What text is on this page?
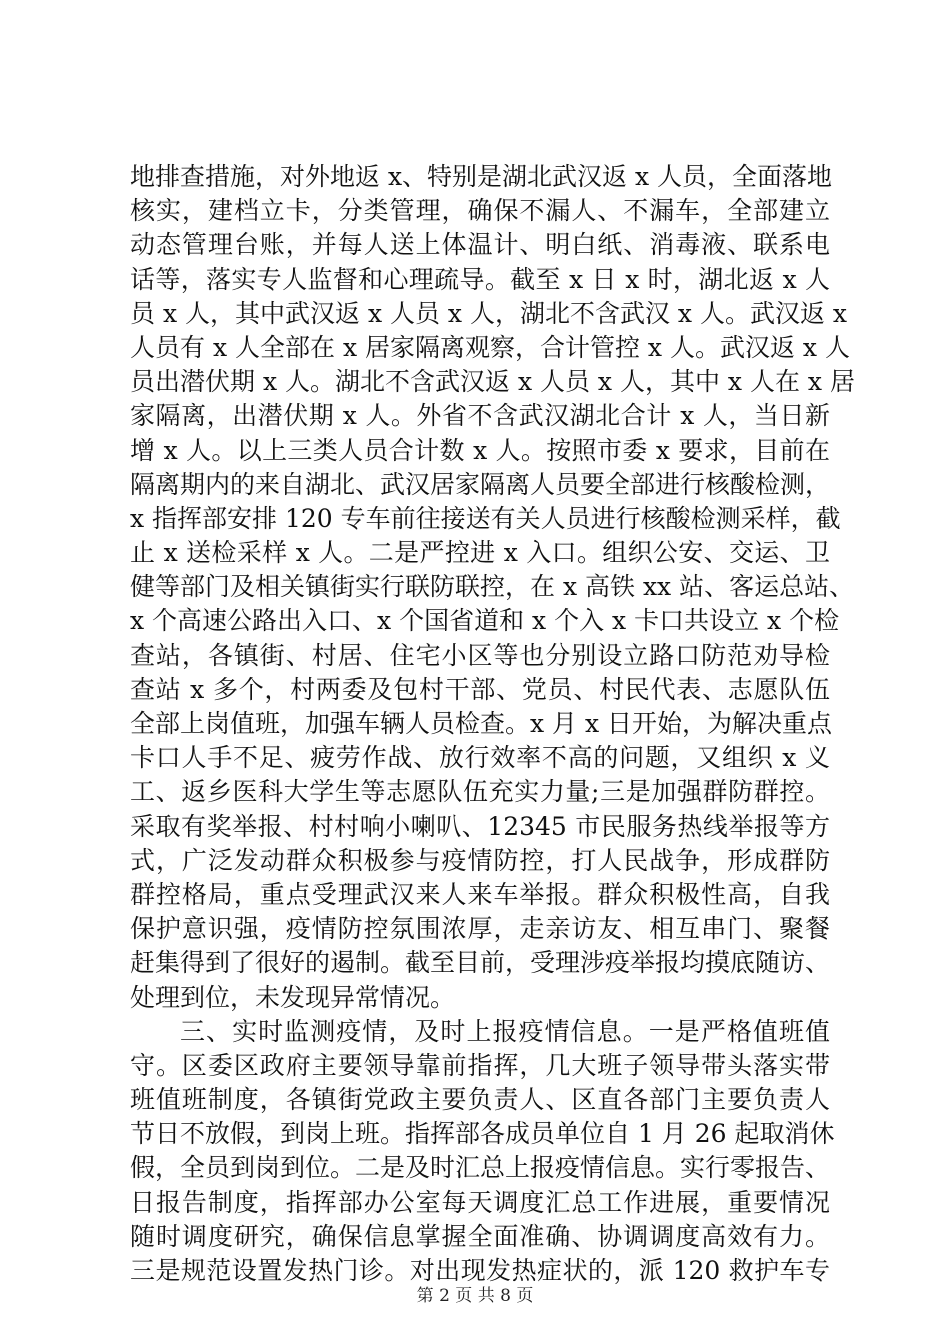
地排查措施，对外地返 x、特别是湖北武汉返 x 人员，全面落地
核实，建档立卡，分类管理，确保不漏人、不漏车，全部建立
动态管理台账，并每人送上体温计、明白纸、消毒液、联系电
话等，落实专人监督和心理疏导。截至 x 日 x 时，湖北返 x 人
员 x 人，其中武汉返 x 人员 x 人，湖北不含武汉 x 人。武汉返 x
人员有 x 人全部在 x 居家隔离观察，合计管控 x 人。武汉返 x 人
员出潜伏期 x 人。湖北不含武汉返 x 人员 x 人，其中 x 人在 x 居
家隔离，出潜伏期 x 人。外省不含武汉湖北合计 x 人，当日新
增 x 人。以上三类人员合计数 x 人。按照市委 x 要求，目前在
隔离期内的来自湖北、武汉居家隔离人员要全部进行核酸检测，
x 指挥部安排 120 专车前往接送有关人员进行核酸检测采样，截
止 x 送检采样 x 人。二是严控进 x 入口。组织公安、交运、卫
健等部门及相关镇街实行联防联控，在 x 高铁 xx 站、客运总站、
x 个高速公路出入口、x 个国省道和 x 个入 x 卡口共设立 x 个检
查站，各镇街、村居、住宅小区等也分别设立路口防范劝导检
查站 x 多个，村两委及包村干部、党员、村民代表、志愿队伍
全部上岗值班，加强车辆人员检查。x 月 x 日开始，为解决重点
卡口人手不足、疲劳作战、放行效率不高的问题，又组织 x 义
工、返乡医科大学生等志愿队伍充实力量;三是加强群防群控。
采取有奖举报、村村响小喇叭、12345 市民服务热线举报等方
式，广泛发动群众积极参与疫情防控，打人民战争，形成群防
群控格局，重点受理武汉来人来车举报。群众积极性高，自我
保护意识强，疫情防控氛围浓厚，走亲访友、相互串门、聚餐
赶集得到了很好的遏制。截至目前，受理涉疫举报均摸底随访、
处理到位，未发现异常情况。
三、实时监测疫情，及时上报疫情信息。一是严格值班值
守。区委区政府主要领导靠前指挥，几大班子领导带头落实带
班值班制度，各镇街党政主要负责人、区直各部门主要负责人
节日不放假，到岗上班。指挥部各成员单位自 1 月 26 起取消休
假，全员到岗到位。二是及时汇总上报疫情信息。实行零报告、
日报告制度，指挥部办公室每天调度汇总工作进展，重要情况
随时调度研究，确保信息掌握全面准确、协调调度高效有力。
三是规范设置发热门诊。对出现发热症状的，派 120 救护车专
第 2 页 共 8 页
